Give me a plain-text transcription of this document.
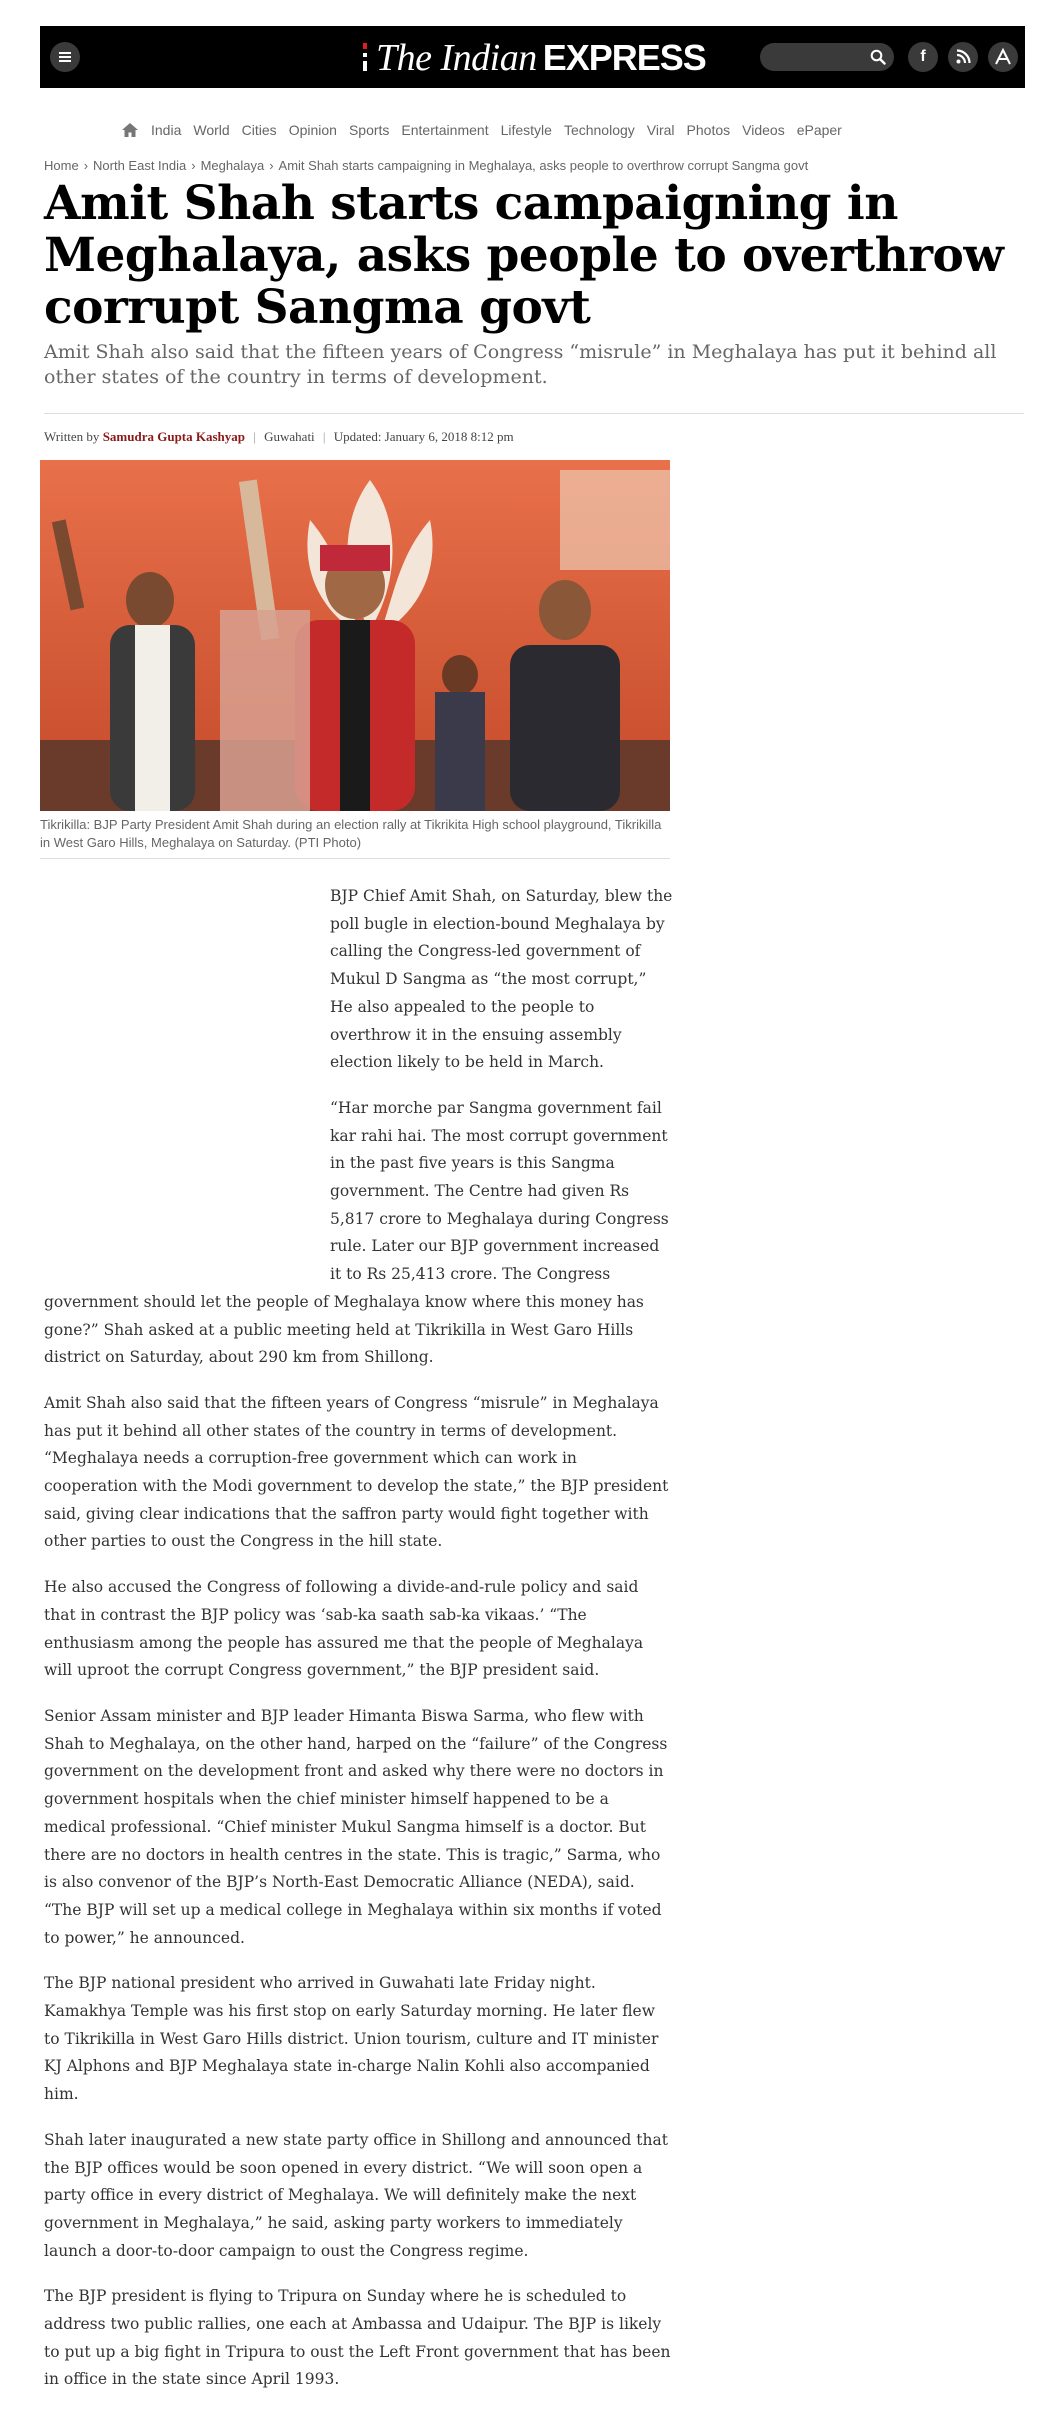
The Indian EXPRESS	f
India World Cities Opinion Sports Entertainment Lifestyle Technology Viral Photos Videos ePaper
Home › North East India › Meghalaya › Amit Shah starts campaigning in Meghalaya, asks people to overthrow corrupt Sangma govt
Amit Shah starts campaigning in Meghalaya, asks people to overthrow corrupt Sangma govt
Amit Shah also said that the fifteen years of Congress “misrule” in Meghalaya has put it behind all other states of the country in terms of development.
Written by Samudra Gupta Kashyap | Guwahati | Updated: January 6, 2018 8:12 pm
Tikrikilla: BJP Party President Amit Shah during an election rally at Tikrikita High school playground, Tikrikilla in West Garo Hills, Meghalaya on Saturday. (PTI Photo)

BJP Chief Amit Shah, on Saturday, blew the poll bugle in election-bound Meghalaya by calling the Congress-led government of Mukul D Sangma as “the most corrupt,” He also appealed to the people to overthrow it in the ensuing assembly election likely to be held in March.

“Har morche par Sangma government fail kar rahi hai. The most corrupt government in the past five years is this Sangma government. The Centre had given Rs 5,817 crore to Meghalaya during Congress rule. Later our BJP government increased it to Rs 25,413 crore. The Congress government should let the people of Meghalaya know where this money has gone?” Shah asked at a public meeting held at Tikrikilla in West Garo Hills district on Saturday, about 290 km from Shillong.

Amit Shah also said that the fifteen years of Congress “misrule” in Meghalaya has put it behind all other states of the country in terms of development. “Meghalaya needs a corruption-free government which can work in cooperation with the Modi government to develop the state,” the BJP president said, giving clear indications that the saffron party would fight together with other parties to oust the Congress in the hill state.

He also accused the Congress of following a divide-and-rule policy and said that in contrast the BJP policy was ‘sab-ka saath sab-ka vikaas.’ “The enthusiasm among the people has assured me that the people of Meghalaya will uproot the corrupt Congress government,” the BJP president said.

Senior Assam minister and BJP leader Himanta Biswa Sarma, who flew with Shah to Meghalaya, on the other hand, harped on the “failure” of the Congress government on the development front and asked why there were no doctors in government hospitals when the chief minister himself happened to be a medical professional. “Chief minister Mukul Sangma himself is a doctor. But there are no doctors in health centres in the state. This is tragic,” Sarma, who is also convenor of the BJP’s North-East Democratic Alliance (NEDA), said. “The BJP will set up a medical college in Meghalaya within six months if voted to power,” he announced.

The BJP national president who arrived in Guwahati late Friday night. Kamakhya Temple was his first stop on early Saturday morning. He later flew to Tikrikilla in West Garo Hills district. Union tourism, culture and IT minister KJ Alphons and BJP Meghalaya state in-charge Nalin Kohli also accompanied him.

Shah later inaugurated a new state party office in Shillong and announced that the BJP offices would be soon opened in every district. “We will soon open a party office in every district of Meghalaya. We will definitely make the next government in Meghalaya,” he said, asking party workers to immediately launch a door-to-door campaign to oust the Congress regime.

The BJP president is flying to Tripura on Sunday where he is scheduled to address two public rallies, one each at Ambassa and Udaipur. The BJP is likely to put up a big fight in Tripura to oust the Left Front government that has been in office in the state since April 1993.
